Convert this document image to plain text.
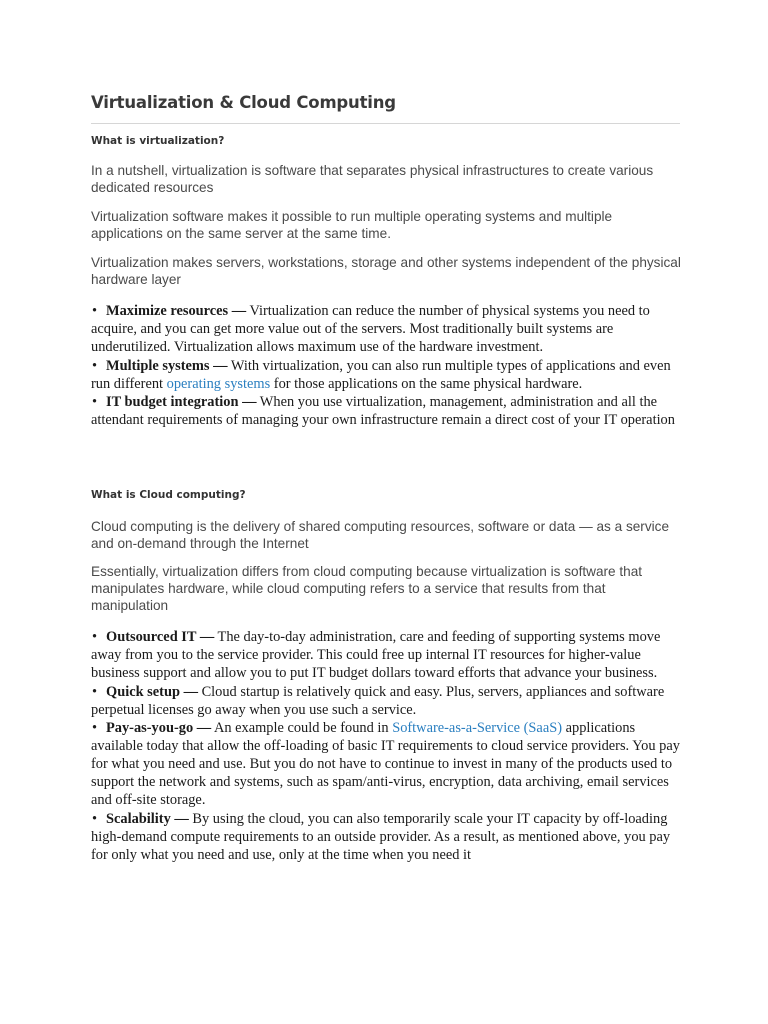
Virtualization & Cloud Computing
What is virtualization?

In a nutshell, virtualization is software that separates physical infrastructures to create various dedicated resources

Virtualization software makes it possible to run multiple operating systems and multiple applications on the same server at the same time.

Virtualization makes servers, workstations, storage and other systems independent of the physical hardware layer

• Maximize resources — Virtualization can reduce the number of physical systems you need to acquire, and you can get more value out of the servers. Most traditionally built systems are underutilized. Virtualization allows maximum use of the hardware investment.
• Multiple systems — With virtualization, you can also run multiple types of applications and even run different operating systems for those applications on the same physical hardware.
• IT budget integration — When you use virtualization, management, administration and all the attendant requirements of managing your own infrastructure remain a direct cost of your IT operation
What is Cloud computing?

Cloud computing is the delivery of shared computing resources, software or data — as a service and on-demand through the Internet

Essentially, virtualization differs from cloud computing because virtualization is software that manipulates hardware, while cloud computing refers to a service that results from that manipulation

• Outsourced IT — The day-to-day administration, care and feeding of supporting systems move away from you to the service provider. This could free up internal IT resources for higher-value business support and allow you to put IT budget dollars toward efforts that advance your business.
• Quick setup — Cloud startup is relatively quick and easy. Plus, servers, appliances and software perpetual licenses go away when you use such a service.
• Pay-as-you-go — An example could be found in Software-as-a-Service (SaaS) applications available today that allow the off-loading of basic IT requirements to cloud service providers. You pay for what you need and use. But you do not have to continue to invest in many of the products used to support the network and systems, such as spam/anti-virus, encryption, data archiving, email services and off-site storage.
• Scalability — By using the cloud, you can also temporarily scale your IT capacity by off-loading high-demand compute requirements to an outside provider. As a result, as mentioned above, you pay for only what you need and use, only at the time when you need it
